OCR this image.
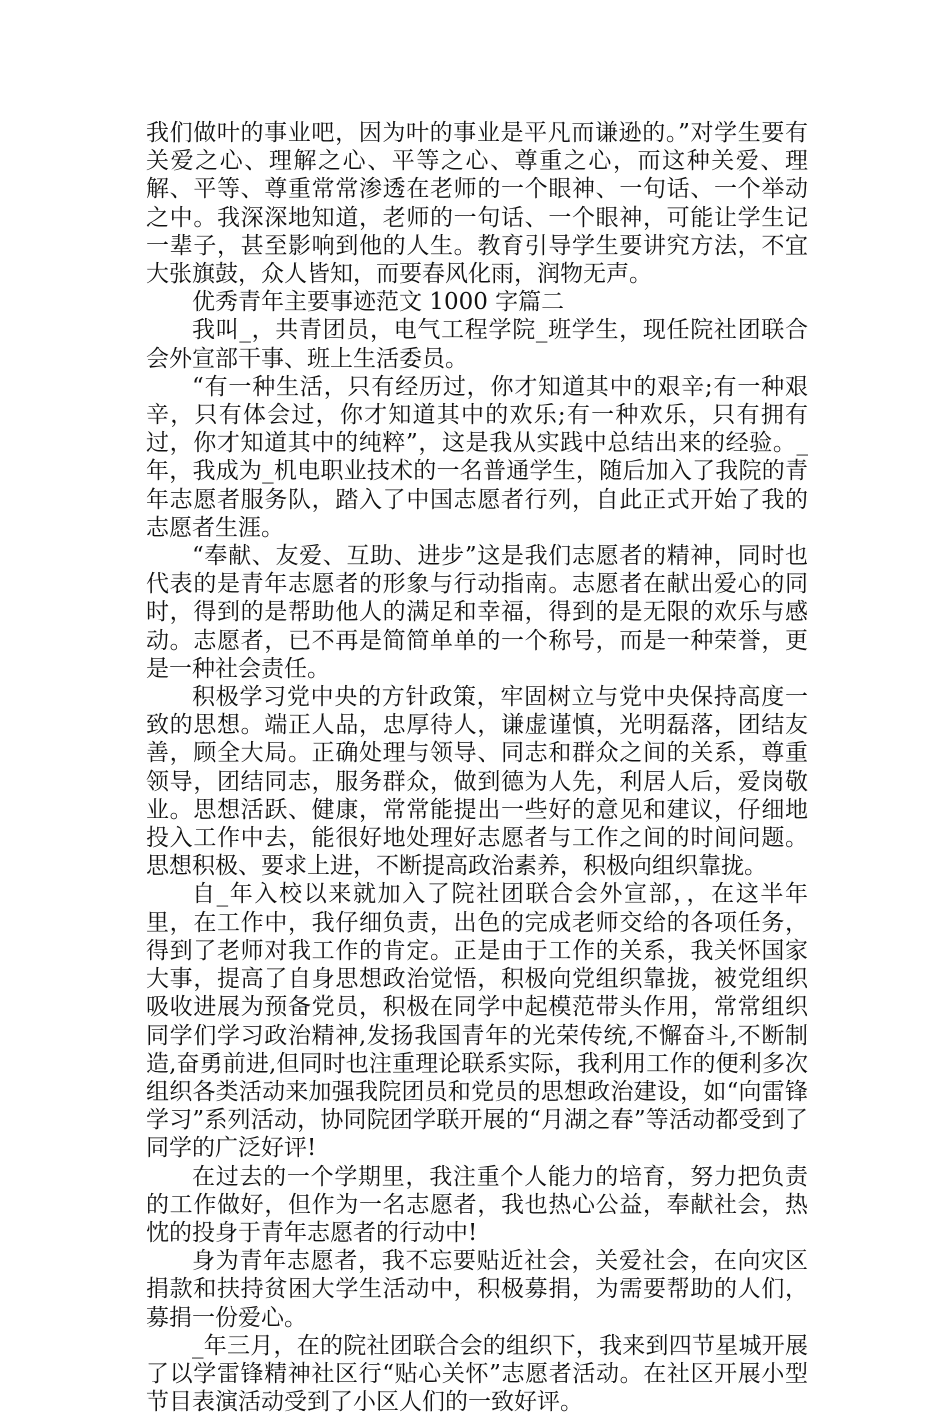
我们做叶的事业吧，因为叶的事业是平凡而谦逊的。”对学生要有关爱之心、理解之心、平等之心、尊重之心，而这种关爱、理解、平等、尊重常常渗透在老师的一个眼神、一句话、一个举动之中。我深深地知道，老师的一句话、一个眼神，可能让学生记一辈子，甚至影响到他的人生。教育引导学生要讲究方法，不宜大张旗鼓，众人皆知，而要春风化雨，润物无声。

优秀青年主要事迹范文 1000 字篇二

我叫_，共青团员，电气工程学院_班学生，现任院社团联合会外宣部干事、班上生活委员。

“有一种生活，只有经历过，你才知道其中的艰辛;有一种艰辛，只有体会过，你才知道其中的欢乐;有一种欢乐，只有拥有过，你才知道其中的纯粹”，这是我从实践中总结出来的经验。_年，我成为_机电职业技术的一名普通学生，随后加入了我院的青年志愿者服务队，踏入了中国志愿者行列，自此正式开始了我的志愿者生涯。

“奉献、友爱、互助、进步”这是我们志愿者的精神，同时也代表的是青年志愿者的形象与行动指南。志愿者在献出爱心的同时，得到的是帮助他人的满足和幸福，得到的是无限的欢乐与感动。志愿者，已不再是简简单单的一个称号，而是一种荣誉，更是一种社会责任。

积极学习党中央的方针政策，牢固树立与党中央保持高度一致的思想。端正人品，忠厚待人，谦虚谨慎，光明磊落，团结友善，顾全大局。正确处理与领导、同志和群众之间的关系，尊重领导，团结同志，服务群众，做到德为人先，利居人后，爱岗敬业。思想活跃、健康，常常能提出一些好的意见和建议，仔细地投入工作中去，能很好地处理好志愿者与工作之间的时间问题。思想积极、要求上进，不断提高政治素养，积极向组织靠拢。

自_年入校以来就加入了院社团联合会外宣部，，在这半年里，在工作中，我仔细负责，出色的完成老师交给的各项任务，得到了老师对我工作的肯定。正是由于工作的关系，我关怀国家大事，提高了自身思想政治觉悟，积极向党组织靠拢，被党组织吸收进展为预备党员，积极在同学中起模范带头作用，常常组织同学们学习政治精神,发扬我国青年的光荣传统,不懈奋斗,不断制造,奋勇前进,但同时也注重理论联系实际，我利用工作的便利多次组织各类活动来加强我院团员和党员的思想政治建设，如“向雷锋学习”系列活动，协同院团学联开展的“月湖之春”等活动都受到了同学的广泛好评!

在过去的一个学期里，我注重个人能力的培育，努力把负责的工作做好，但作为一名志愿者，我也热心公益，奉献社会，热忱的投身于青年志愿者的行动中!

身为青年志愿者，我不忘要贴近社会，关爱社会，在向灾区捐款和扶持贫困大学生活动中，积极募捐，为需要帮助的人们，募捐一份爱心。

_年三月，在的院社团联合会的组织下，我来到四节星城开展了以学雷锋精神社区行“贴心关怀”志愿者活动。在社区开展小型节目表演活动受到了小区人们的一致好评。
